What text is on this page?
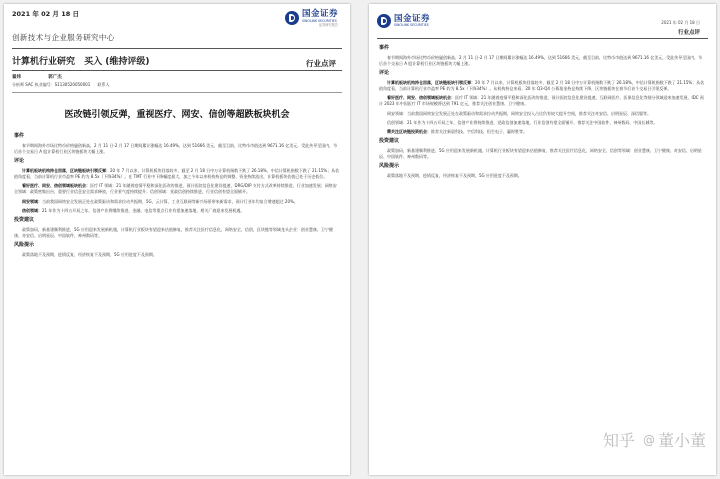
2021 年 02 月 18 日	国金证券
SINOLINK SECURITIES
证券研究报告
创新技术与企业服务研究中心
计算机行业研究 买入 (维持评级)	行业点评
翟炜	郭广杰
分析师 SAC 执业编号：S1130520050001 联系人
医改链引领反弹，重视医疗、网安、信创等超跌板块机会
事件

春节期间海外市场比特币价格屡创新高，2 月 11 日-2 月 17 日期间累计涨幅达 16.49%，达到 51666 美元，截至目前，比特币市值达到 9671.16 亿美元，受此传导至国内，节后首个交易日 A 股计算机行业区块链板块大幅上涨。

评论

计算机板块机构持仓回落，区块链板块引领反弹：20 年 7 月以来，计算机板块回落较多，截至 2 月 18 日中万计算机指数下跌了 26.18%，中信计算机指数下跌了 21.15%；从估值角度看，当前计算机行业市盈率 PE 约为 8.5x（下降34%）。在 TMT 行业中下降幅度最大，加之今年以来机构持仓的调整、资金持续流出，计算机板块估值已处于历史低位。

看好医疗、网安、信创领域板块机会：医疗 IT 领域：21 年随着疫情平稳和深化医改的推进，预计医院信息化建设提速，DRG/DIP 支付方式改革持续推进，行业加速发展；网络安全领域：政策密集出台，重要行业信息安全需求释放，行业景气度持续提升；信创领域：党政信创持续推进，行业信创有望全面铺开。

网安领域：当前我国网络安全发展正处在政策驱动和需求拉动共振期，5G、云计算、工业互联网等新兴场景带来新需求，预计行业年均复合增速超过 20%。

信创领域：21 年作为十四五开局之年，信创产业将继续推进，金融、电信等重点行业有望加速落地，相关厂商迎来发展机遇。

投资建议

政策加码，新基建顺利推进，5G 应用迎来发展新机遇，计算机行业板块有望迎来估值修复，推荐关注医疗信息化、网络安全、信创、区块链等领域龙头企业：创业慧康、卫宁健康、奇安信、启明星辰、中国软件、神州数码等。

风险提示

政策落地不及预期，疫情反复，经济恢复不及预期，5G 应用进度不及预期。

国金证券
SINOLINK SECURITIES
2021 年 02 月 18 日
行业点评
事件

春节期间海外市场比特币价格屡创新高，2 月 11 日-2 月 17 日期间累计涨幅达 16.49%，达到 51666 美元，截至目前，比特币市值达到 9671.16 亿美元，受此传导至国内，节后首个交易日 A 股计算机行业区块链板块大幅上涨。

评论

计算机板块机构持仓回落，区块链板块引领反弹：20 年 7 月以来，计算机板块回落较多，截至 2 月 18 日中万计算机指数下跌了 26.18%，中信计算机指数下跌了 21.15%；从估值角度看，当前计算机行业市盈率 PE 约为 8.5x（下降34%）。从机构持仓来看，20 年 Q3-Q4 公募基金持仓持续下降，区块链板块在春节后首个交易日引领反弹。

看好医疗、网安、信创领域板块机会：医疗 IT 领域：21 年随着疫情平稳和深化医改的推进，预计医院信息化建设提速，互联网医疗、医保信息化等细分领域迎来加速发展，IDC 预计 2023 年中国医疗 IT 市场规模将达到 791 亿元，推荐关注创业慧康、卫宁健康。

网安领域：当前我国网络安全发展正处在政策驱动和需求拉动共振期，网络安全投入占比仍有较大提升空间，推荐关注奇安信、启明星辰、深信服等。

信创领域：21 年作为十四五开局之年，信创产业将持续推进，党政信创加速落地，行业信创有望全面铺开，推荐关注中国软件、神州数码、中国长城等。

需关注区块链投资机会：推荐关注新晨科技、宇信科技、恒生电子、赢时胜等。

投资建议

政策加码，新基建顺利推进，5G 应用迎来发展新机遇，计算机行业板块有望迎来估值修复，推荐关注医疗信息化、网络安全、信创等领域：创业慧康、卫宁健康、奇安信、启明星辰、中国软件、神州数码等。

风险提示

政策落地不及预期，疫情反复，经济恢复不及预期，5G 应用进度不及预期。

知乎 @ 董小董
